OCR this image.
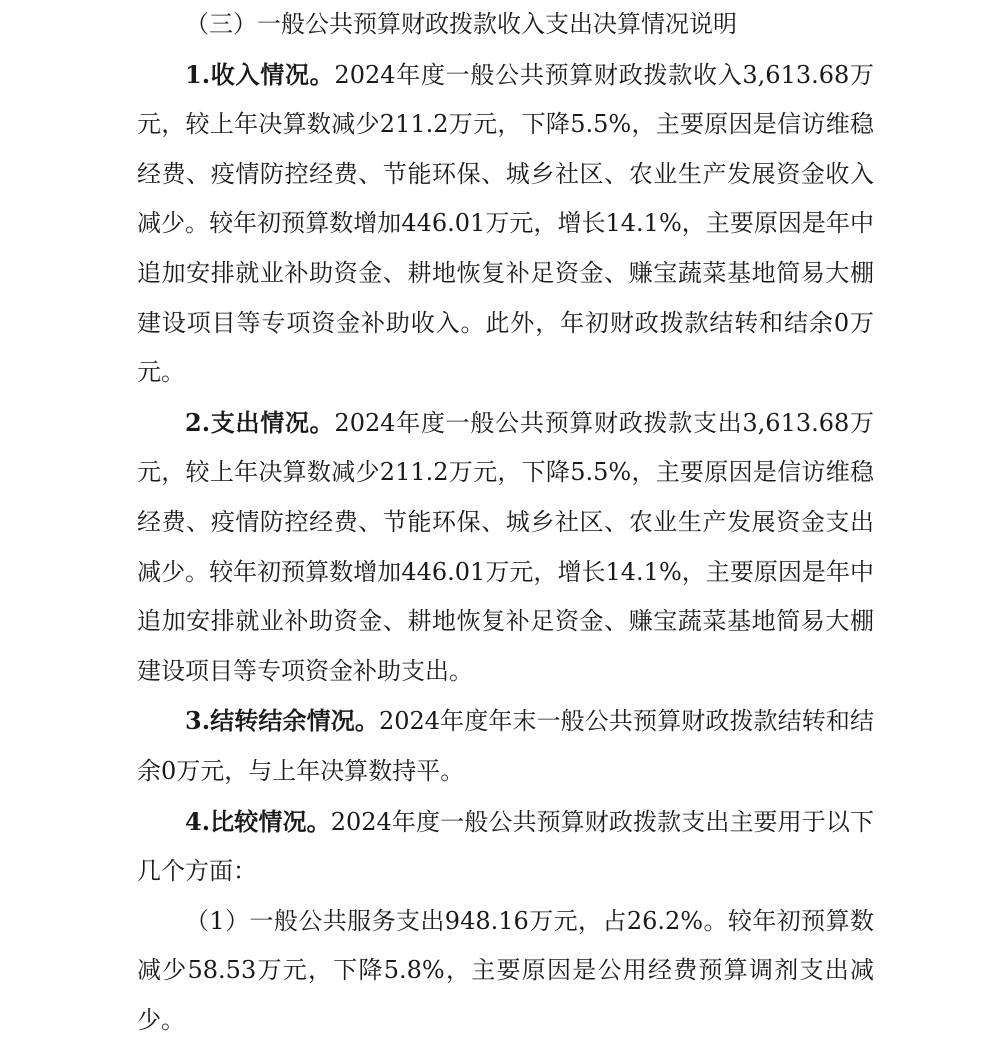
（三）一般公共预算财政拨款收入支出决算情况说明

1.收入情况。2024年度一般公共预算财政拨款收入3,613.68万元，较上年决算数减少211.2万元，下降5.5%，主要原因是信访维稳经费、疫情防控经费、节能环保、城乡社区、农业生产发展资金收入减少。较年初预算数增加446.01万元，增长14.1%，主要原因是年中追加安排就业补助资金、耕地恢复补足资金、赚宝蔬菜基地简易大棚建设项目等专项资金补助收入。此外，年初财政拨款结转和结余0万元。

2.支出情况。2024年度一般公共预算财政拨款支出3,613.68万元，较上年决算数减少211.2万元，下降5.5%，主要原因是信访维稳经费、疫情防控经费、节能环保、城乡社区、农业生产发展资金支出减少。较年初预算数增加446.01万元，增长14.1%，主要原因是年中追加安排就业补助资金、耕地恢复补足资金、赚宝蔬菜基地简易大棚建设项目等专项资金补助支出。

3.结转结余情况。2024年度年末一般公共预算财政拨款结转和结余0万元，与上年决算数持平。

4.比较情况。2024年度一般公共预算财政拨款支出主要用于以下几个方面：

（1）一般公共服务支出948.16万元，占26.2%。较年初预算数减少58.53万元，下降5.8%，主要原因是公用经费预算调剂支出减少。
